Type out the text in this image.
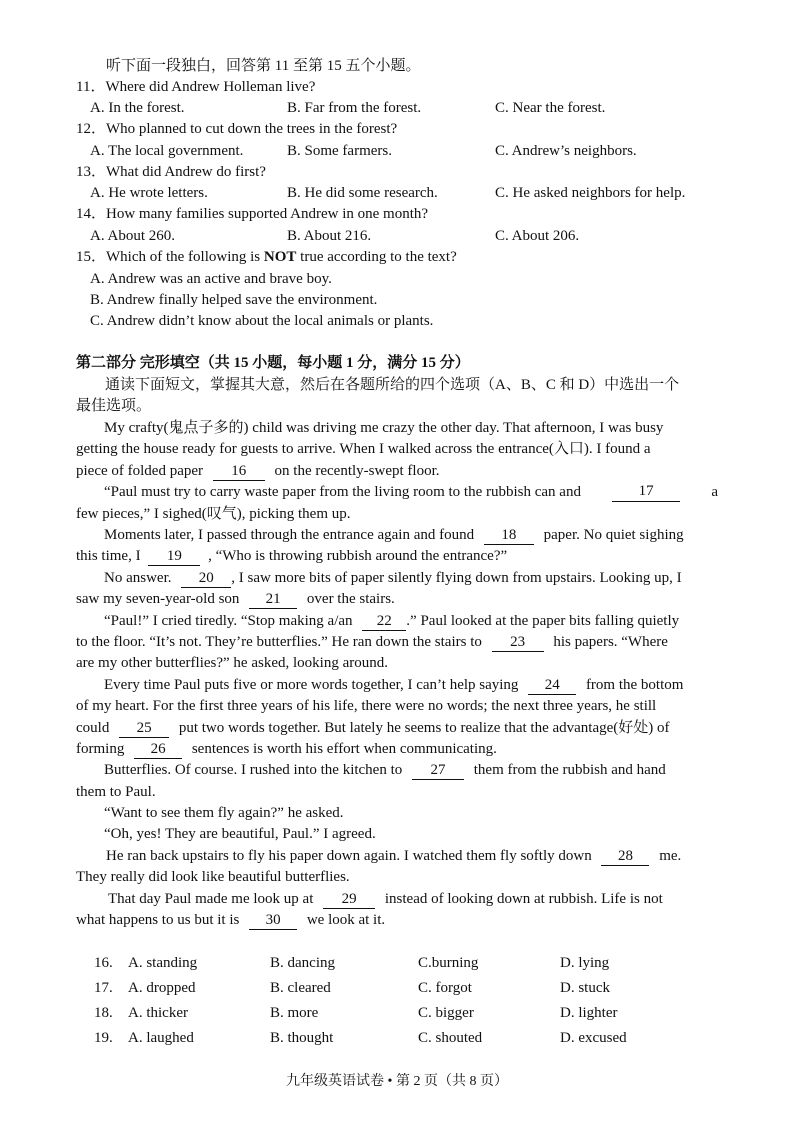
听下面一段独白，回答第 11 至第 15 五个小题。
11．Where did Andrew Holleman live?
A. In the forest.	B. Far from the forest.	C. Near the forest.
12．Who planned to cut down the trees in the forest?
A. The local government.	B. Some farmers.	C. Andrew’s neighbors.
13．What did Andrew do first?
A. He wrote letters.	B. He did some research.	C. He asked neighbors for help.
14．How many families supported Andrew in one month?
A. About 260.	B. About 216.	C. About 206.
15．Which of the following is NOT true according to the text?
A. Andrew was an active and brave boy.
B. Andrew finally helped save the environment.
C. Andrew didn’t know about the local animals or plants.
第二部分 完形填空（共 15 小题，每小题 1 分，满分 15 分）
通读下面短文，掌握其大意，然后在各题所给的四个选项（A、B、C 和 D）中选出一个
最佳选项。
My crafty(鬼点子多的) child was driving me crazy the other day. That afternoon, I was busy
getting the house ready for guests to arrive. When I walked across the entrance(入口). I found a
piece of folded paper 16 on the recently-swept floor.
“Paul must try to carry waste paper from the living room to the rubbish can and	17	a
few pieces,” I sighed(叹气), picking them up.
Moments later, I passed through the entrance again and found 18 paper. No quiet sighing
this time, I 19 , “Who is throwing rubbish around the entrance?”
No answer. 20 , I saw more bits of paper silently flying down from upstairs. Looking up, I
saw my seven-year-old son 21 over the stairs.
“Paul!” I cried tiredly. “Stop making a/an 22 .” Paul looked at the paper bits falling quietly
to the floor. “It’s not. They’re butterflies.” He ran down the stairs to 23 his papers. “Where
are my other butterflies?” he asked, looking around.
Every time Paul puts five or more words together, I can’t help saying 24 from the bottom
of my heart. For the first three years of his life, there were no words; the next three years, he still
could 25 put two words together. But lately he seems to realize that the advantage(好处) of
forming 26 sentences is worth his effort when communicating.
Butterflies. Of course. I rushed into the kitchen to 27 them from the rubbish and hand
them to Paul.
“Want to see them fly again?” he asked.
“Oh, yes! They are beautiful, Paul.” I agreed.
He ran back upstairs to fly his paper down again. I watched them fly softly down 28 me.
They really did look like beautiful butterflies.
That day Paul made me look up at 29 instead of looking down at rubbish. Life is not
what happens to us but it is 30 we look at it.
16. A. standing	B. dancing	C.burning	D. lying
17. A. dropped	B. cleared	C. forgot	D. stuck
18. A. thicker	B. more	C. bigger	D. lighter
19. A. laughed	B. thought	C. shouted	D. excused
九年级英语试卷 • 第 2 页（共 8 页）
